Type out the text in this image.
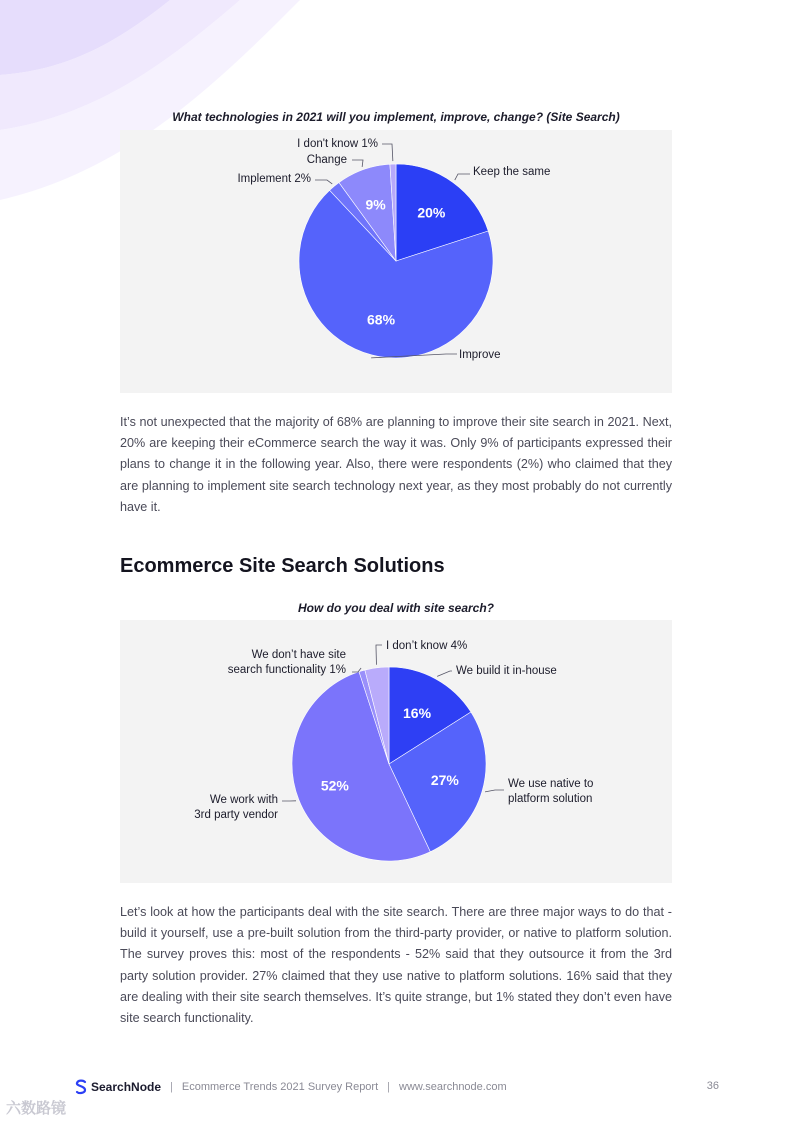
What technologies in 2021 will you implement, improve, change? (Site Search)
20%
Keep the same
68%
Improve
Implement 2%
9%
Change
I don't know 1%

It’s not unexpected that the majority of 68% are planning to improve their site search in 2021. Next, 20% are keeping their eCommerce search the way it was. Only 9% of participants expressed their plans to change it in the following year. Also, there were respondents (2%) who claimed that they are planning to implement site search technology next year, as they most probably do not currently have it.

Ecommerce Site Search Solutions
How do you deal with site search?
16%
We build it in-house
27%	We use native to
platform solution
52%
We work with
3rd party vendor
We don’t have site
search functionality 1%
I don’t know 4%

Let’s look at how the participants deal with the site search. There are three major ways to do that - build it yourself, use a pre-built solution from the third-party provider, or native to platform solution. The survey proves this: most of the respondents - 52% said that they outsource it from the 3rd party solution provider. 27% claimed that they use native to platform solutions. 16% said that they are dealing with their site search themselves. It’s quite strange, but 1% stated they don’t even have site search functionality.

SearchNode | Ecommerce Trends 2021 Survey Report | www.searchnode.com	36
六数路镜
